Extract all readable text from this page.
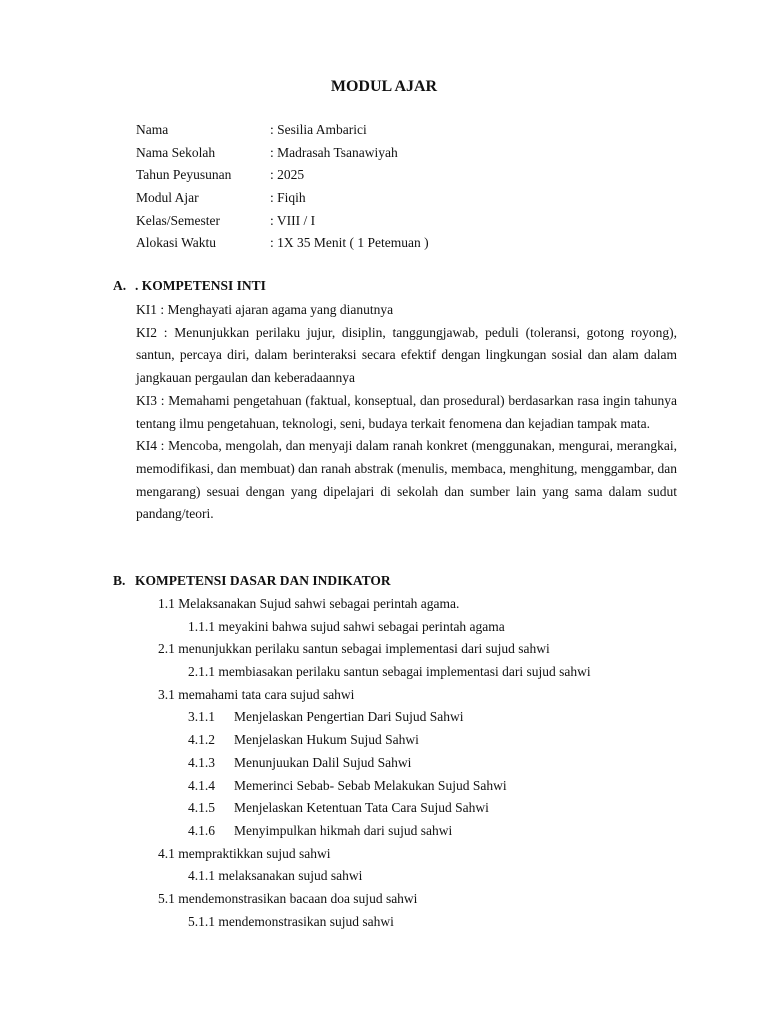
MODUL AJAR
Nama	: Sesilia Ambarici
Nama Sekolah	: Madrasah Tsanawiyah
Tahun Peyusunan	: 2025
Modul Ajar	: Fiqih
Kelas/Semester	: VIII / I
Alokasi Waktu	: 1X 35 Menit ( 1 Petemuan )
A. . KOMPETENSI INTI

KI1 : Menghayati ajaran agama yang dianutnya

KI2 : Menunjukkan perilaku jujur, disiplin, tanggungjawab, peduli (toleransi, gotong royong), santun, percaya diri, dalam berinteraksi secara efektif dengan lingkungan sosial dan alam dalam jangkauan pergaulan dan keberadaannya

KI3 : Memahami pengetahuan (faktual, konseptual, dan prosedural) berdasarkan rasa ingin tahunya tentang ilmu pengetahuan, teknologi, seni, budaya terkait fenomena dan kejadian tampak mata.

KI4 : Mencoba, mengolah, dan menyaji dalam ranah konkret (menggunakan, mengurai, merangkai, memodifikasi, dan membuat) dan ranah abstrak (menulis, membaca, menghitung, menggambar, dan mengarang) sesuai dengan yang dipelajari di sekolah dan sumber lain yang sama dalam sudut pandang/teori.

B. KOMPETENSI DASAR DAN INDIKATOR
1.1 Melaksanakan Sujud sahwi sebagai perintah agama.
1.1.1 meyakini bahwa sujud sahwi sebagai perintah agama
2.1 menunjukkan perilaku santun sebagai implementasi dari sujud sahwi
2.1.1 membiasakan perilaku santun sebagai implementasi dari sujud sahwi
3.1 memahami tata cara sujud sahwi
3.1.1 Menjelaskan Pengertian Dari Sujud Sahwi
4.1.2 Menjelaskan Hukum Sujud Sahwi
4.1.3 Menunjuukan Dalil Sujud Sahwi
4.1.4 Memerinci Sebab- Sebab Melakukan Sujud Sahwi
4.1.5 Menjelaskan Ketentuan Tata Cara Sujud Sahwi
4.1.6 Menyimpulkan hikmah dari sujud sahwi
4.1 mempraktikkan sujud sahwi
4.1.1 melaksanakan sujud sahwi
5.1 mendemonstrasikan bacaan doa sujud sahwi
5.1.1 mendemonstrasikan sujud sahwi
